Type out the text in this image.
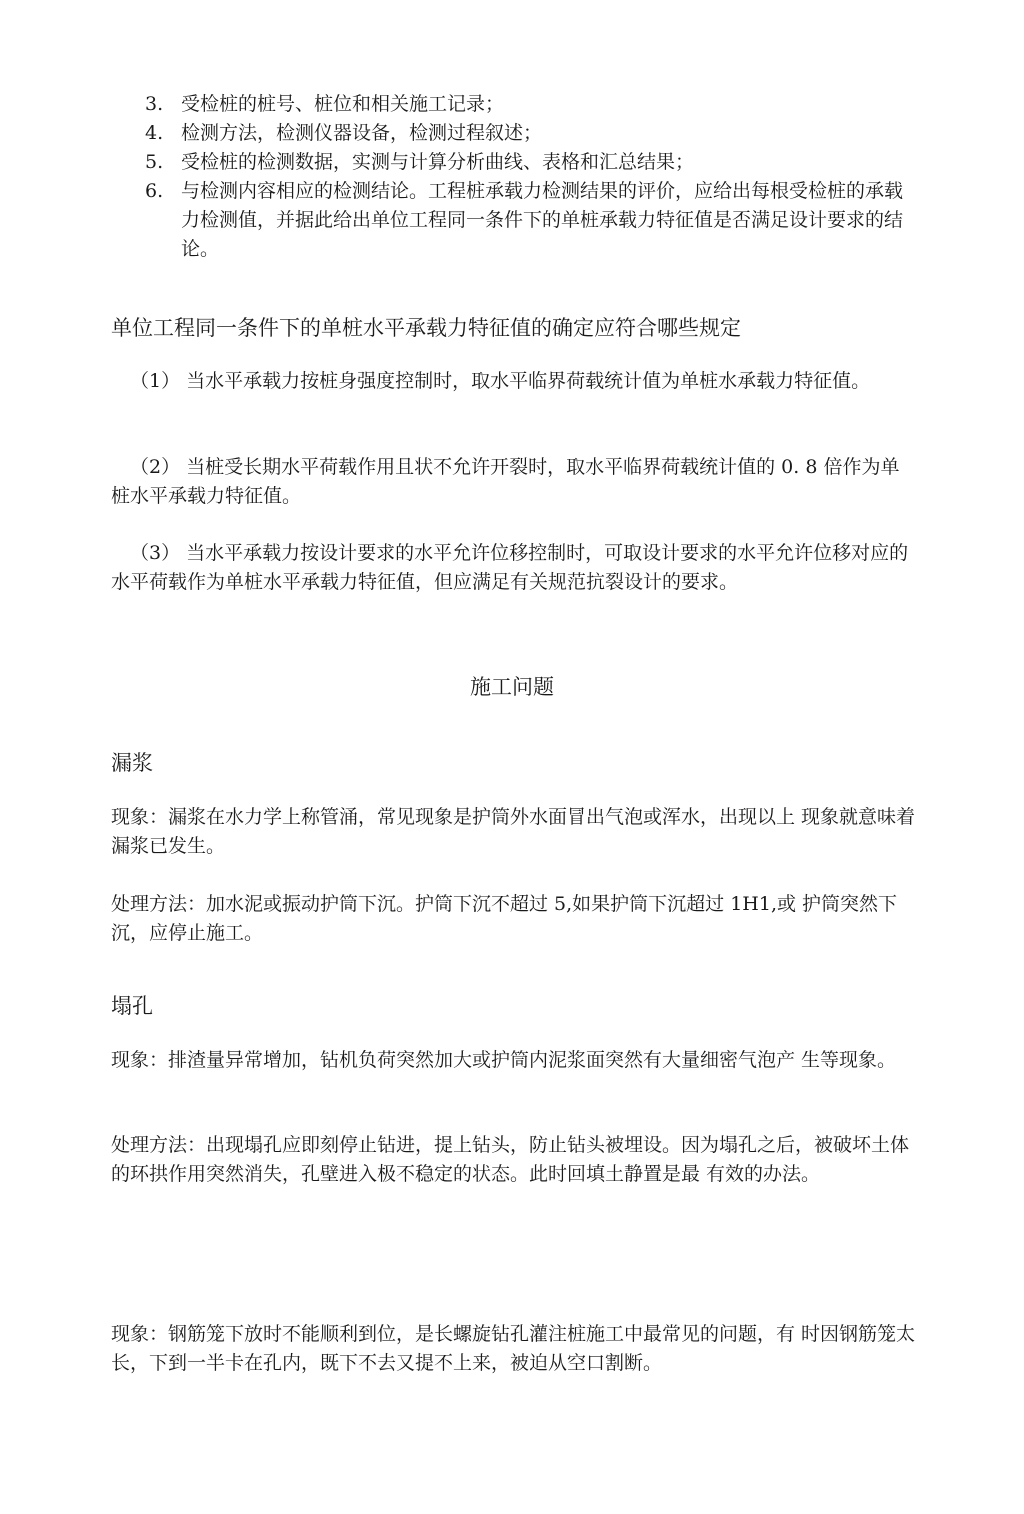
3. 受检桩的桩号、桩位和相关施工记录；
4. 检测方法，检测仪器设备，检测过程叙述；
5. 受检桩的检测数据，实测与计算分析曲线、表格和汇总结果；
6. 与检测内容相应的检测结论。工程桩承载力检测结果的评价，应给出每根受检桩的承载力检测值，并据此给出单位工程同一条件下的单桩承载力特征值是否满足设计要求的结论。

单位工程同一条件下的单桩水平承载力特征值的确定应符合哪些规定

（1） 当水平承载力按桩身强度控制时，取水平临界荷载统计值为单桩水承载力特征值。

（2） 当桩受长期水平荷载作用且状不允许开裂时，取水平临界荷载统计值的 0. 8 倍作为单桩水平承载力特征值。

（3） 当水平承载力按设计要求的水平允许位移控制时，可取设计要求的水平允许位移对应的水平荷载作为单桩水平承载力特征值，但应满足有关规范抗裂设计的要求。

施工问题

漏浆

现象：漏浆在水力学上称管涌，常见现象是护筒外水面冒出气泡或浑水，出现以上 现象就意味着漏浆已发生。

处理方法：加水泥或振动护筒下沉。护筒下沉不超过 5,如果护筒下沉超过 1H1,或 护筒突然下沉，应停止施工。

塌孔

现象：排渣量异常增加，钻机负荷突然加大或护筒内泥浆面突然有大量细密气泡产 生等现象。

处理方法：出现塌孔应即刻停止钻进，提上钻头，防止钻头被埋设。因为塌孔之后，被破坏土体的环拱作用突然消失，孔壁进入极不稳定的状态。此时回填土静置是最 有效的办法。

现象：钢筋笼下放时不能顺利到位，是长螺旋钻孔灌注桩施工中最常见的问题，有 时因钢筋笼太长，下到一半卡在孔内，既下不去又提不上来，被迫从空口割断。
